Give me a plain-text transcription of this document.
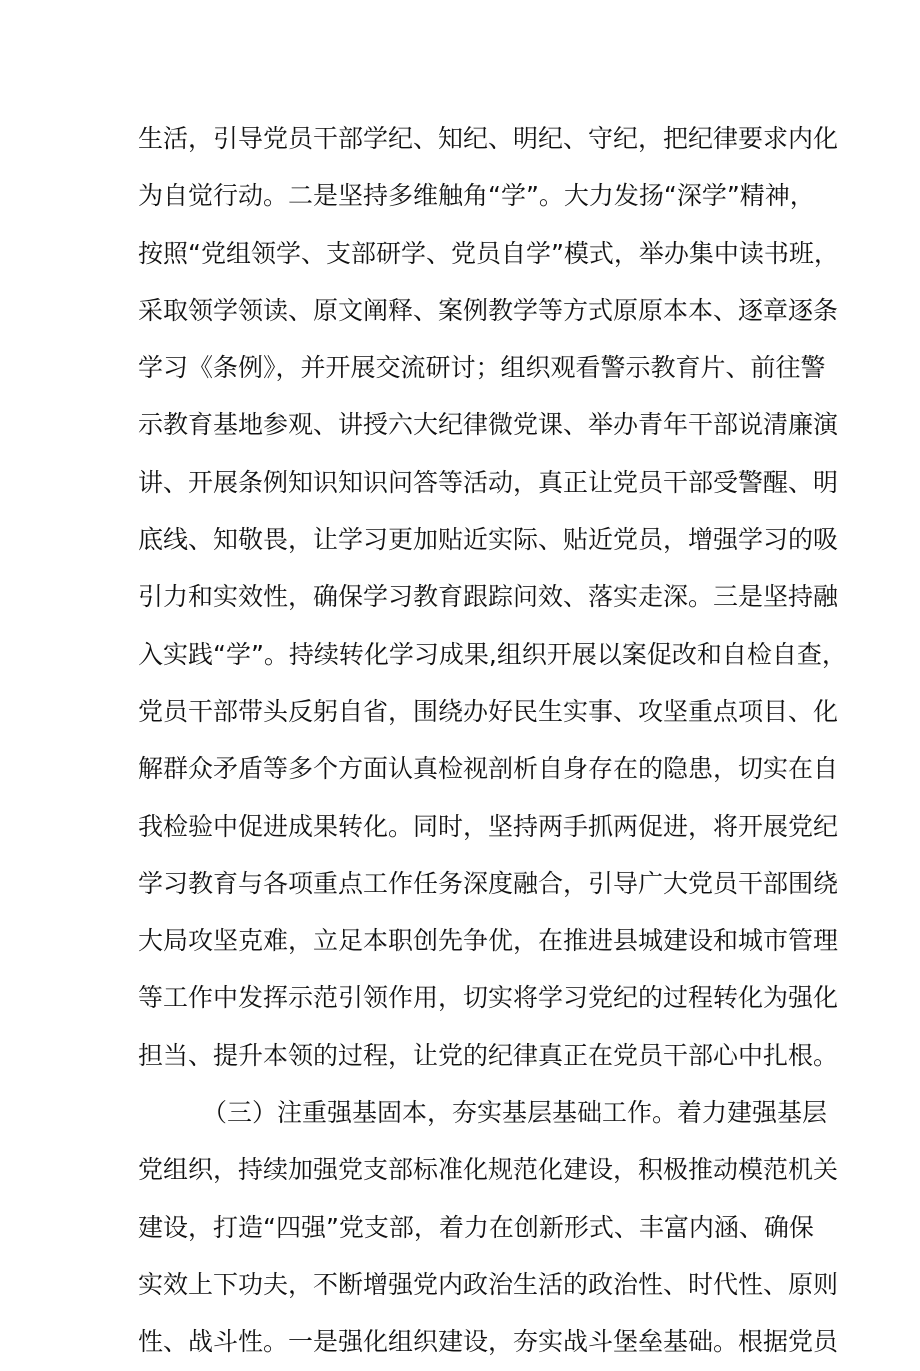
生活，引导党员干部学纪、知纪、明纪、守纪，把纪律要求内化
为自觉行动。二是坚持多维触角“学”。大力发扬“深学”精神，
按照“党组领学、支部研学、党员自学”模式，举办集中读书班，
采取领学领读、原文阐释、案例教学等方式原原本本、逐章逐条
学习《条例》，并开展交流研讨；组织观看警示教育片、前往警
示教育基地参观、讲授六大纪律微党课、举办青年干部说清廉演
讲、开展条例知识知识问答等活动，真正让党员干部受警醒、明
底线、知敬畏，让学习更加贴近实际、贴近党员，增强学习的吸
引力和实效性，确保学习教育跟踪问效、落实走深。三是坚持融
入实践“学”。持续转化学习成果,组织开展以案促改和自检自查，
党员干部带头反躬自省，围绕办好民生实事、攻坚重点项目、化
解群众矛盾等多个方面认真检视剖析自身存在的隐患，切实在自
我检验中促进成果转化。同时，坚持两手抓两促进，将开展党纪
学习教育与各项重点工作任务深度融合，引导广大党员干部围绕
大局攻坚克难，立足本职创先争优，在推进县城建设和城市管理
等工作中发挥示范引领作用，切实将学习党纪的过程转化为强化
担当、提升本领的过程，让党的纪律真正在党员干部心中扎根。
（三）注重强基固本，夯实基层基础工作。着力建强基层
党组织，持续加强党支部标准化规范化建设，积极推动模范机关
建设，打造“四强”党支部，着力在创新形式、丰富内涵、确保
实效上下功夫，不断增强党内政治生活的政治性、时代性、原则
性、战斗性。一是强化组织建设，夯实战斗堡垒基础。根据党员
